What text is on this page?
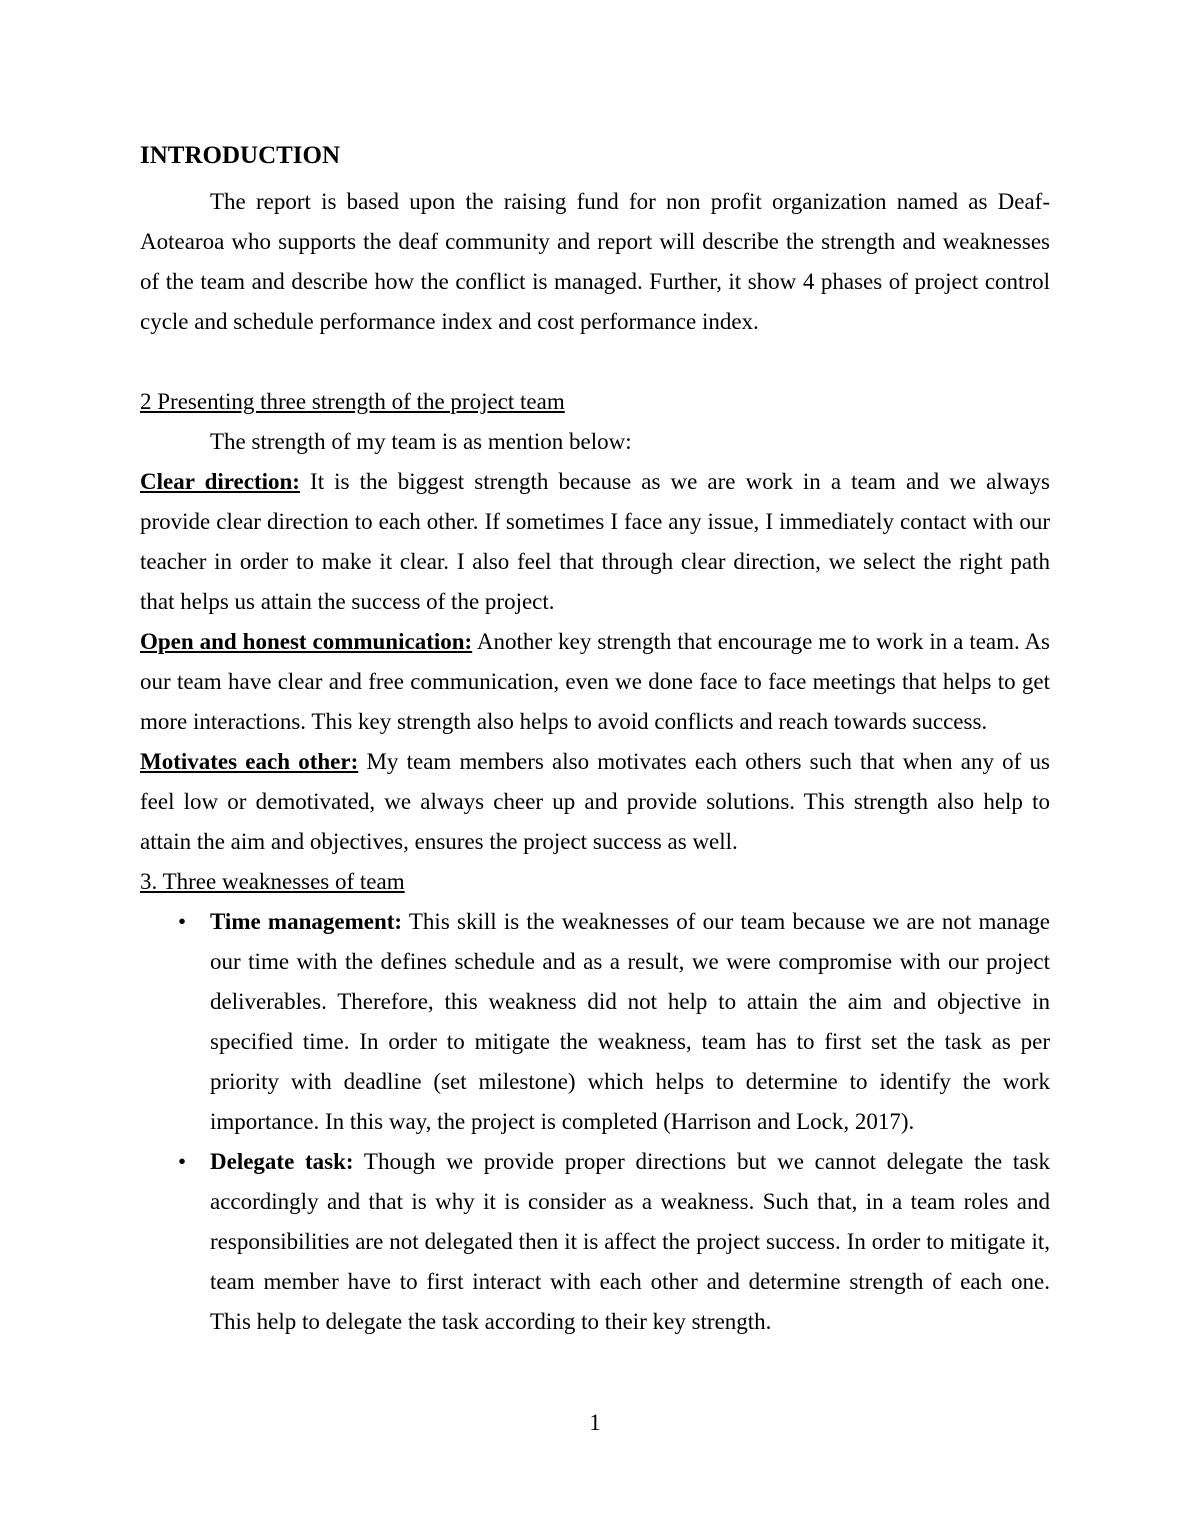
INTRODUCTION

The report is based upon the raising fund for non profit organization named as Deaf-Aotearoa who supports the deaf community and report will describe the strength and weaknesses of the team and describe how the conflict is managed. Further, it show 4 phases of project control cycle and schedule performance index and cost performance index.

2 Presenting three strength of the project team

The strength of my team is as mention below:

Clear direction: It is the biggest strength because as we are work in a team and we always provide clear direction to each other. If sometimes I face any issue, I immediately contact with our teacher in order to make it clear. I also feel that through clear direction, we select the right path that helps us attain the success of the project.

Open and honest communication: Another key strength that encourage me to work in a team. As our team have clear and free communication, even we done face to face meetings that helps to get more interactions. This key strength also helps to avoid conflicts and reach towards success.

Motivates each other: My team members also motivates each others such that when any of us feel low or demotivated, we always cheer up and provide solutions. This strength also help to attain the aim and objectives, ensures the project success as well.

3. Three weaknesses of team

• Time management: This skill is the weaknesses of our team because we are not manage our time with the defines schedule and as a result, we were compromise with our project deliverables. Therefore, this weakness did not help to attain the aim and objective in specified time. In order to mitigate the weakness, team has to first set the task as per priority with deadline (set milestone) which helps to determine to identify the work importance. In this way, the project is completed (Harrison and Lock, 2017).
• Delegate task: Though we provide proper directions but we cannot delegate the task accordingly and that is why it is consider as a weakness. Such that, in a team roles and responsibilities are not delegated then it is affect the project success. In order to mitigate it, team member have to first interact with each other and determine strength of each one. This help to delegate the task according to their key strength.
1
